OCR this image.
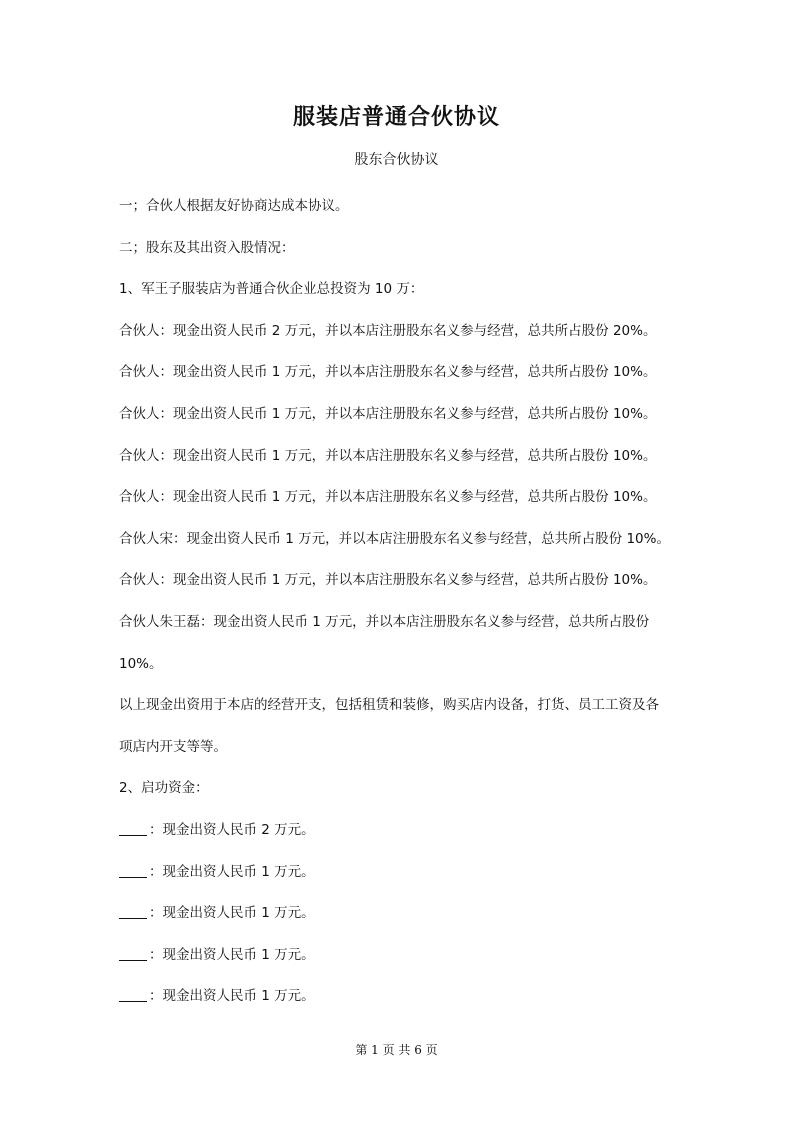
服装店普通合伙协议
股东合伙协议
一；合伙人根据友好协商达成本协议。
二；股东及其出资入股情况：
1、军王子服装店为普通合伙企业总投资为 10 万：
合伙人：现金出资人民币 2 万元，并以本店注册股东名义参与经营，总共所占股份 20%。
合伙人：现金出资人民币 1 万元，并以本店注册股东名义参与经营，总共所占股份 10%。
合伙人：现金出资人民币 1 万元，并以本店注册股东名义参与经营，总共所占股份 10%。
合伙人：现金出资人民币 1 万元，并以本店注册股东名义参与经营，总共所占股份 10%。
合伙人：现金出资人民币 1 万元，并以本店注册股东名义参与经营，总共所占股份 10%。
合伙人宋：现金出资人民币 1 万元，并以本店注册股东名义参与经营，总共所占股份 10%。
合伙人：现金出资人民币 1 万元，并以本店注册股东名义参与经营，总共所占股份 10%。
合伙人朱王磊：现金出资人民币 1 万元，并以本店注册股东名义参与经营，总共所占股份
10%。
以上现金出资用于本店的经营开支，包括租赁和装修，购买店内设备，打货、员工工资及各
项店内开支等等。
2、启功资金：
：现金出资人民币 2 万元。
：现金出资人民币 1 万元。
：现金出资人民币 1 万元。
：现金出资人民币 1 万元。
：现金出资人民币 1 万元。
第 1 页 共 6 页
